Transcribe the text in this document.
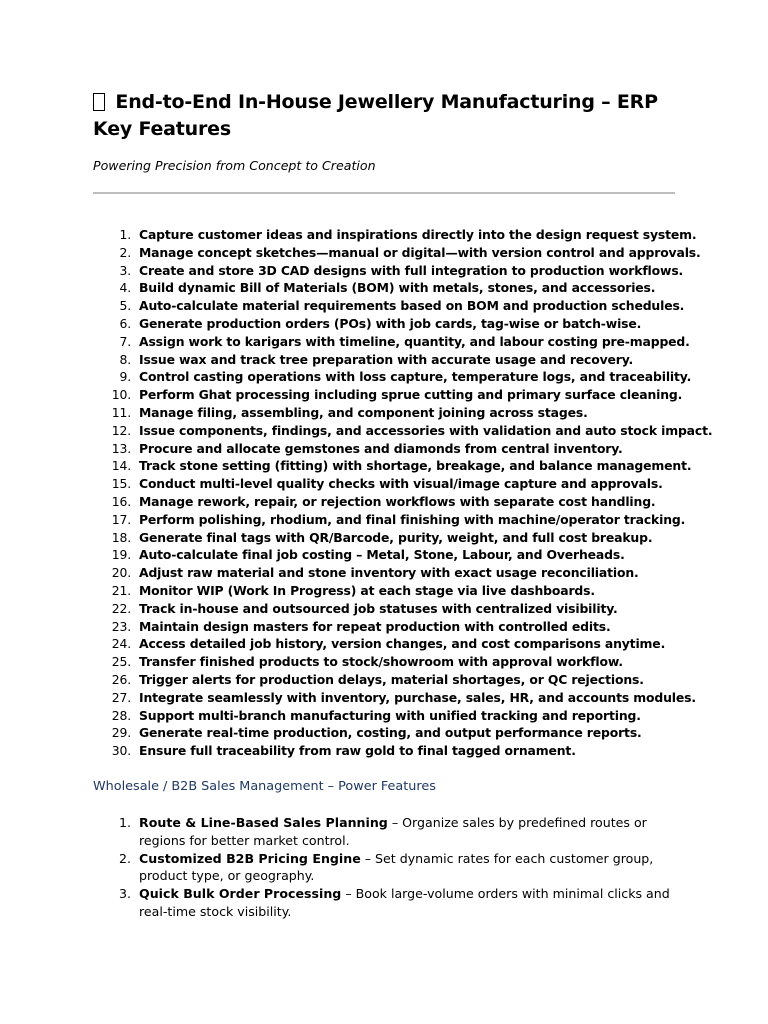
End-to-End In-House Jewellery Manufacturing – ERP Key Features

Powering Precision from Concept to Creation

1. Capture customer ideas and inspirations directly into the design request system.
2. Manage concept sketches—manual or digital—with version control and approvals.
3. Create and store 3D CAD designs with full integration to production workflows.
4. Build dynamic Bill of Materials (BOM) with metals, stones, and accessories.
5. Auto-calculate material requirements based on BOM and production schedules.
6. Generate production orders (POs) with job cards, tag-wise or batch-wise.
7. Assign work to karigars with timeline, quantity, and labour costing pre-mapped.
8. Issue wax and track tree preparation with accurate usage and recovery.
9. Control casting operations with loss capture, temperature logs, and traceability.
10. Perform Ghat processing including sprue cutting and primary surface cleaning.
11. Manage filing, assembling, and component joining across stages.
12. Issue components, findings, and accessories with validation and auto stock impact.
13. Procure and allocate gemstones and diamonds from central inventory.
14. Track stone setting (fitting) with shortage, breakage, and balance management.
15. Conduct multi-level quality checks with visual/image capture and approvals.
16. Manage rework, repair, or rejection workflows with separate cost handling.
17. Perform polishing, rhodium, and final finishing with machine/operator tracking.
18. Generate final tags with QR/Barcode, purity, weight, and full cost breakup.
19. Auto-calculate final job costing – Metal, Stone, Labour, and Overheads.
20. Adjust raw material and stone inventory with exact usage reconciliation.
21. Monitor WIP (Work In Progress) at each stage via live dashboards.
22. Track in-house and outsourced job statuses with centralized visibility.
23. Maintain design masters for repeat production with controlled edits.
24. Access detailed job history, version changes, and cost comparisons anytime.
25. Transfer finished products to stock/showroom with approval workflow.
26. Trigger alerts for production delays, material shortages, or QC rejections.
27. Integrate seamlessly with inventory, purchase, sales, HR, and accounts modules.
28. Support multi-branch manufacturing with unified tracking and reporting.
29. Generate real-time production, costing, and output performance reports.
30. Ensure full traceability from raw gold to final tagged ornament.
Wholesale / B2B Sales Management – Power Features
1. Route & Line-Based Sales Planning – Organize sales by predefined routes or regions for better market control.
2. Customized B2B Pricing Engine – Set dynamic rates for each customer group, product type, or geography.
3. Quick Bulk Order Processing – Book large-volume orders with minimal clicks and real-time stock visibility.
